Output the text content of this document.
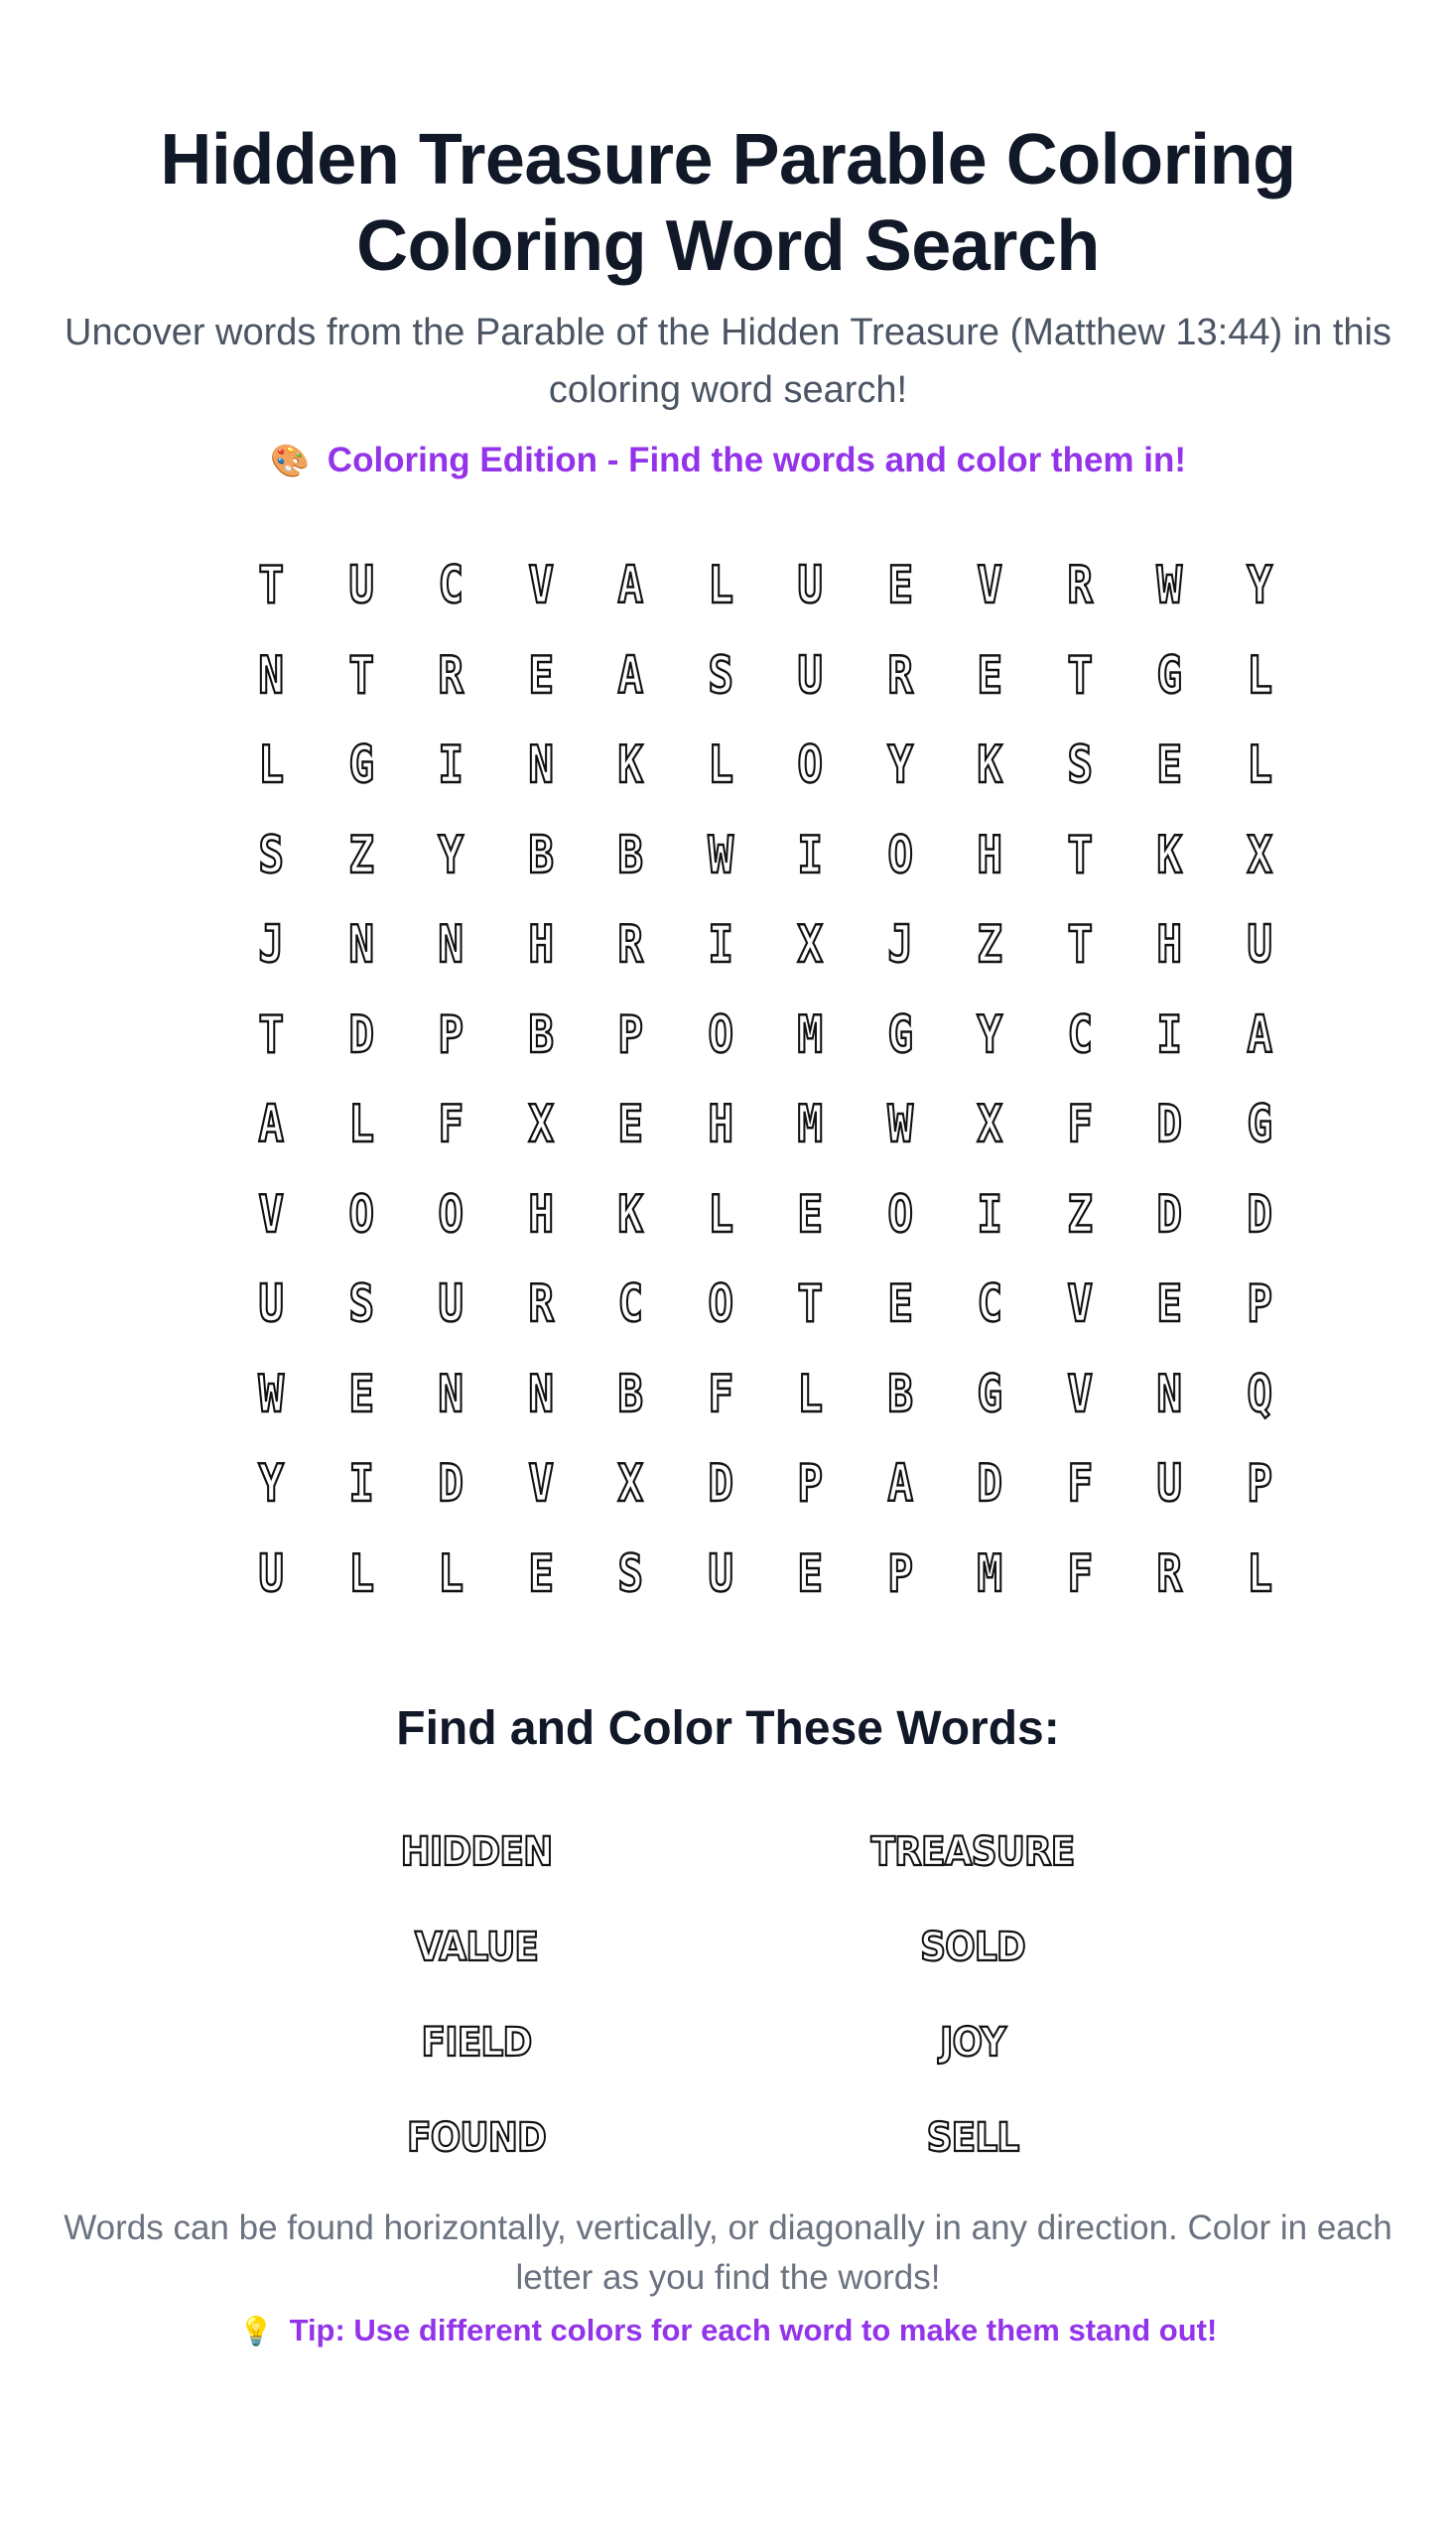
Hidden Treasure Parable Coloring Coloring Word Search
Uncover words from the Parable of the Hidden Treasure (Matthew 13:44) in this coloring word search!
🎨 Coloring Edition - Find the words and color them in!
T	U	C	V	A	L	U	E	V	R	W	Y
N	T	R	E	A	S	U	R	E	T	G	L
L	G	I	N	K	L	O	Y	K	S	E	L
S	Z	Y	B	B	W	I	O	H	T	K	X
J	N	N	H	R	I	X	J	Z	T	H	U
T	D	P	B	P	O	M	G	Y	C	I	A
A	L	F	X	E	H	M	W	X	F	D	G
V	O	O	H	K	L	E	O	I	Z	D	D
U	S	U	R	C	O	T	E	C	V	E	P
W	E	N	N	B	F	L	B	G	V	N	Q
Y	I	D	V	X	D	P	A	D	F	U	P
U	L	L	E	S	U	E	P	M	F	R	L
Find and Color These Words:
HIDDEN	TREASURE
VALUE	SOLD
FIELD	JOY
FOUND	SELL

Words can be found horizontally, vertically, or diagonally in any direction. Color in each letter as you find the words!

💡 Tip: Use different colors for each word to make them stand out!
